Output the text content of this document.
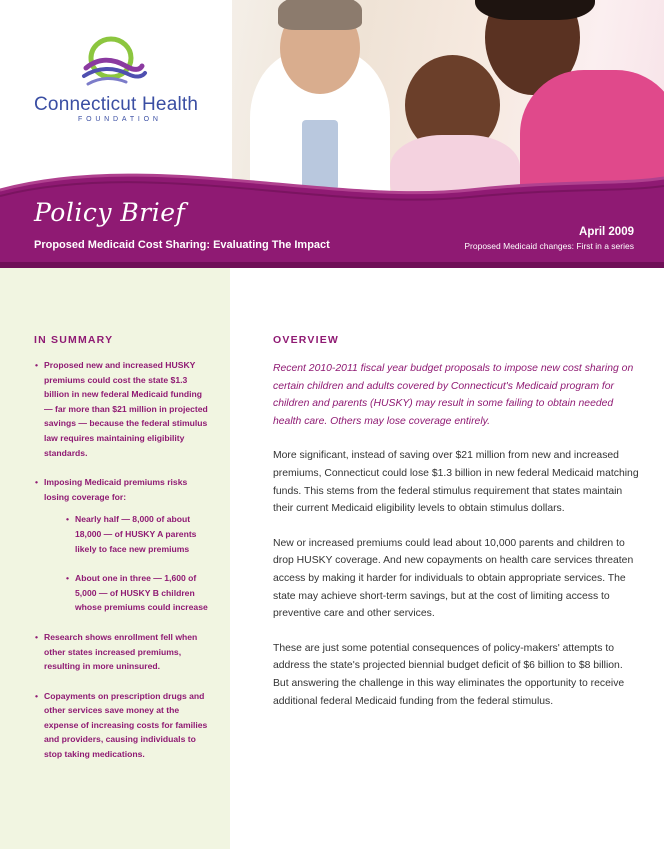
Connecticut Health
FOUNDATION
Policy Brief
Proposed Medicaid Cost Sharing: Evaluating The Impact
April 2009
Proposed Medicaid changes: First in a series
IN SUMMARY
• Proposed new and increased HUSKY premiums could cost the state $1.3 billion in new federal Medicaid funding — far more than $21 million in projected savings — because the federal stimulus law requires maintaining eligibility standards.
• Imposing Medicaid premiums risks losing coverage for:
• Nearly half — 8,000 of about 18,000 — of HUSKY A parents likely to face new premiums
• About one in three — 1,600 of 5,000 — of HUSKY B children whose premiums could increase
• Research shows enrollment fell when other states increased premiums, resulting in more uninsured.
• Copayments on prescription drugs and other services save money at the expense of increasing costs for families and providers, causing individuals to stop taking medications.
OVERVIEW

Recent 2010-2011 fiscal year budget proposals to impose new cost sharing on certain children and adults covered by Connecticut's Medicaid program for children and parents (HUSKY) may result in some failing to obtain needed health care. Others may lose coverage entirely.

More significant, instead of saving over $21 million from new and increased premiums, Connecticut could lose $1.3 billion in new federal Medicaid matching funds. This stems from the federal stimulus requirement that states maintain their current Medicaid eligibility levels to obtain stimulus dollars.

New or increased premiums could lead about 10,000 parents and children to drop HUSKY coverage. And new copayments on health care services threaten access by making it harder for individuals to obtain appropriate services. The state may achieve short-term savings, but at the cost of limiting access to preventive care and other services.

These are just some potential consequences of policy-makers' attempts to address the state's projected biennial budget deficit of $6 billion to $8 billion. But answering the challenge in this way eliminates the opportunity to receive additional federal Medicaid funding from the federal stimulus.
